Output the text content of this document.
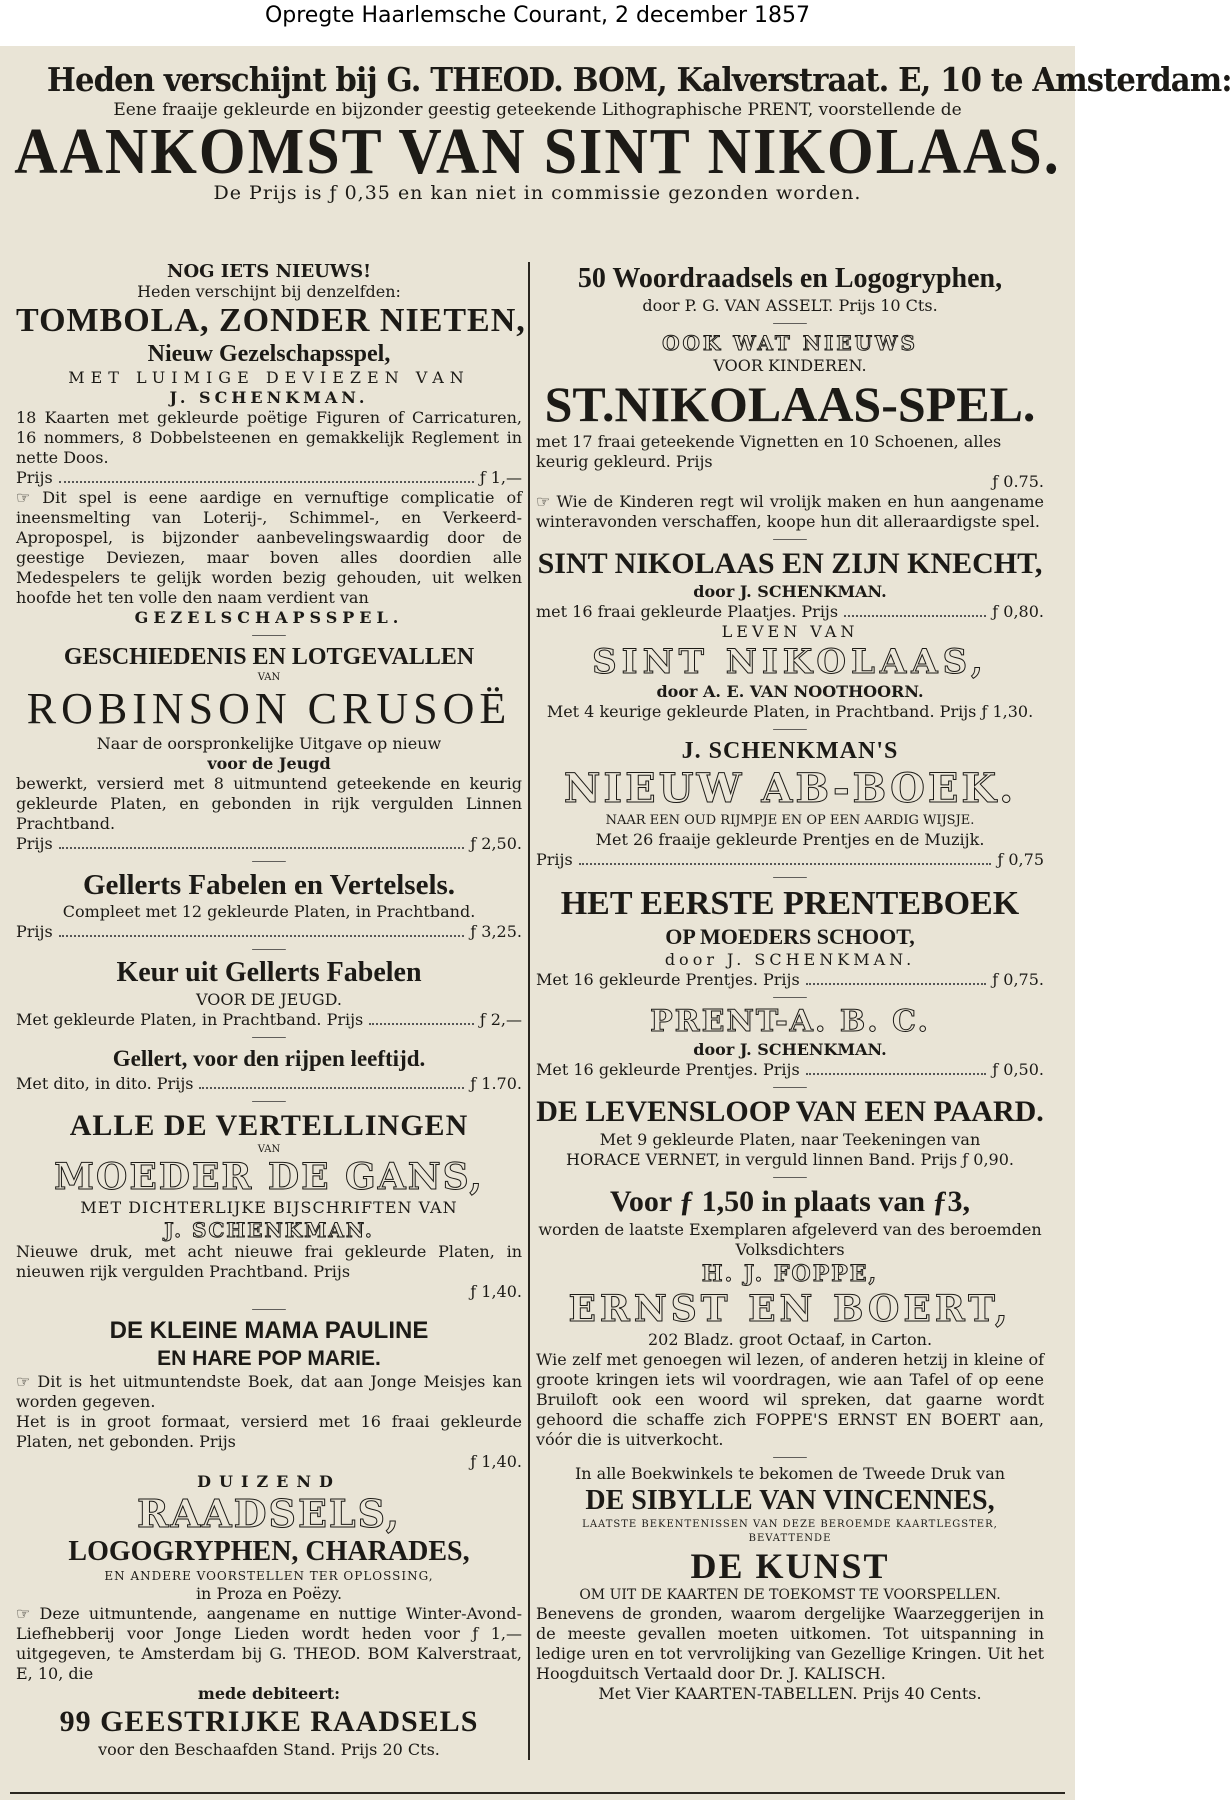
Opregte Haarlemsche Courant, 2 december 1857
Heden verschijnt bij G. THEOD. BOM, Kalverstraat. E, 10 te Amsterdam:
Eene fraaije gekleurde en bijzonder geestig geteekende Lithographische PRENT, voorstellende de
AANKOMST VAN SINT NIKOLAAS.
De Prijs is ƒ 0,35 en kan niet in commissie gezonden worden.
NOG IETS NIEUWS!
Heden verschijnt bij denzelfden:
TOMBOLA, ZONDER NIETEN,
Nieuw Gezelschapsspel,
MET LUIMIGE DEVIEZEN VAN
J. SCHENKMAN.
18 Kaarten met gekleurde poëtige Figuren of Carricaturen, 16 nommers, 8 Dobbelsteenen en gemakkelijk Reglement in nette Doos.
Prijs	ƒ 1,—
☞ Dit spel is eene aardige en vernuftige complicatie of ineensmelting van Loterij-, Schimmel-, en Verkeerd-Apropospel, is bijzonder aanbevelingswaardig door de geestige Deviezen, maar boven alles doordien alle Medespelers te gelijk worden bezig gehouden, uit welken hoofde het ten volle den naam verdient van
GEZELSCHAPSSPEL.
⸻
GESCHIEDENIS EN LOTGEVALLEN
VAN
ROBINSON CRUSOË
Naar de oorspronkelijke Uitgave op nieuw
voor de Jeugd
bewerkt, versierd met 8 uitmuntend geteekende en keurig gekleurde Platen, en gebonden in rijk vergulden Linnen Prachtband.
Prijs	ƒ 2,50.
⸻
Gellerts Fabelen en Vertelsels.
Compleet met 12 gekleurde Platen, in Prachtband.
Prijs	ƒ 3,25.
⸻
Keur uit Gellerts Fabelen
VOOR DE JEUGD.
Met gekleurde Platen, in Prachtband. Prijs	ƒ 2,—
⸻
Gellert, voor den rijpen leeftijd.
Met dito, in dito. Prijs	ƒ 1.70.
⸻
ALLE DE VERTELLINGEN
VAN
MOEDER DE GANS,
MET DICHTERLIJKE BIJSCHRIFTEN VAN
J. SCHENKMAN.
Nieuwe druk, met acht nieuwe frai gekleurde Platen, in nieuwen rijk vergulden Prachtband. Prijs
ƒ 1,40.
⸻
DE KLEINE MAMA PAULINE
EN HARE POP MARIE.
☞ Dit is het uitmuntendste Boek, dat aan Jonge Meisjes kan worden gegeven.
Het is in groot formaat, versierd met 16 fraai gekleurde Platen, net gebonden. Prijs
ƒ 1,40.
DUIZEND
RAADSELS,
LOGOGRYPHEN, CHARADES,
EN ANDERE VOORSTELLEN TER OPLOSSING,
in Proza en Poëzy.
☞ Deze uitmuntende, aangename en nuttige Winter-Avond-Liefhebberij voor Jonge Lieden wordt heden voor ƒ 1,— uitgegeven, te Amsterdam bij G. THEOD. BOM Kalverstraat, E, 10, die
mede debiteert:
99 GEESTRIJKE RAADSELS
voor den Beschaafden Stand. Prijs 20 Cts.
50 Woordraadsels en Logogryphen,
door P. G. VAN ASSELT. Prijs 10 Cts.
⸻
OOK WAT NIEUWS
VOOR KINDEREN.
ST.NIKOLAAS-SPEL.
met 17 fraai geteekende Vignetten en 10 Schoenen, alles keurig gekleurd. Prijs
ƒ 0.75.
☞ Wie de Kinderen regt wil vrolijk maken en hun aangename winteravonden verschaffen, koope hun dit alleraardigste spel.
⸻
SINT NIKOLAAS EN ZIJN KNECHT,
door J. SCHENKMAN.
met 16 fraai gekleurde Plaatjes. Prijs	ƒ 0,80.
LEVEN VAN
SINT NIKOLAAS,
door A. E. VAN NOOTHOORN.
Met 4 keurige gekleurde Platen, in Prachtband. Prijs ƒ 1,30.
⸻
J. SCHENKMAN'S
NIEUW AB-BOEK.
NAAR EEN OUD RIJMPJE EN OP EEN AARDIG WIJSJE.
Met 26 fraaije gekleurde Prentjes en de Muzijk.
Prijs	ƒ 0,75
⸻
HET EERSTE PRENTEBOEK
OP MOEDERS SCHOOT,
door J. SCHENKMAN.
Met 16 gekleurde Prentjes. Prijs	ƒ 0,75.
⸻
PRENT-A. B. C.
door J. SCHENKMAN.
Met 16 gekleurde Prentjes. Prijs	ƒ 0,50.
⸻
DE LEVENSLOOP VAN EEN PAARD.
Met 9 gekleurde Platen, naar Teekeningen van
HORACE VERNET, in verguld linnen Band. Prijs ƒ 0,90.
⸻
Voor ƒ 1,50 in plaats van ƒ3,
worden de laatste Exemplaren afgeleverd van des beroemden Volksdichters
H. J. FOPPE,
ERNST EN BOERT,
202 Bladz. groot Octaaf, in Carton.
Wie zelf met genoegen wil lezen, of anderen hetzij in kleine of groote kringen iets wil voordragen, wie aan Tafel of op eene Bruiloft ook een woord wil spreken, dat gaarne wordt gehoord die schaffe zich FOPPE'S ERNST EN BOERT aan, vóór die is uitverkocht.
⸻
In alle Boekwinkels te bekomen de Tweede Druk van
DE SIBYLLE VAN VINCENNES,
LAATSTE BEKENTENISSEN VAN DEZE BEROEMDE KAARTLEGSTER,
BEVATTENDE
DE KUNST
OM UIT DE KAARTEN DE TOEKOMST TE VOORSPELLEN.
Benevens de gronden, waarom dergelijke Waarzeggerijen in de meeste gevallen moeten uitkomen. Tot uitspanning in ledige uren en tot vervrolijking van Gezellige Kringen. Uit het Hoogduitsch Vertaald door Dr. J. KALISCH.
Met Vier KAARTEN-TABELLEN. Prijs 40 Cents.
